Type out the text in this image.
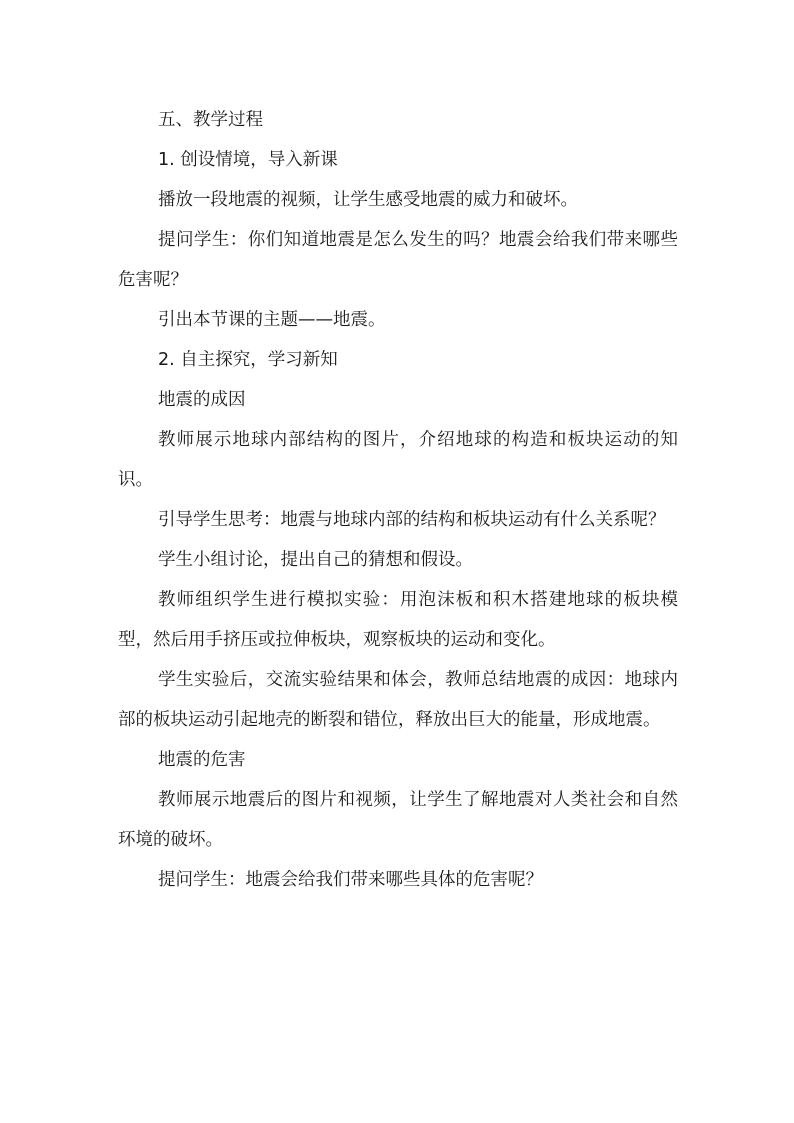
五、教学过程

1. 创设情境，导入新课

播放一段地震的视频，让学生感受地震的威力和破坏。

提问学生：你们知道地震是怎么发生的吗？地震会给我们带来哪些危害呢？

引出本节课的主题——地震。

2. 自主探究，学习新知

地震的成因

教师展示地球内部结构的图片，介绍地球的构造和板块运动的知识。

引导学生思考：地震与地球内部的结构和板块运动有什么关系呢？

学生小组讨论，提出自己的猜想和假设。

教师组织学生进行模拟实验：用泡沫板和积木搭建地球的板块模型，然后用手挤压或拉伸板块，观察板块的运动和变化。

学生实验后，交流实验结果和体会，教师总结地震的成因：地球内部的板块运动引起地壳的断裂和错位，释放出巨大的能量，形成地震。

地震的危害

教师展示地震后的图片和视频，让学生了解地震对人类社会和自然环境的破坏。

提问学生：地震会给我们带来哪些具体的危害呢？
